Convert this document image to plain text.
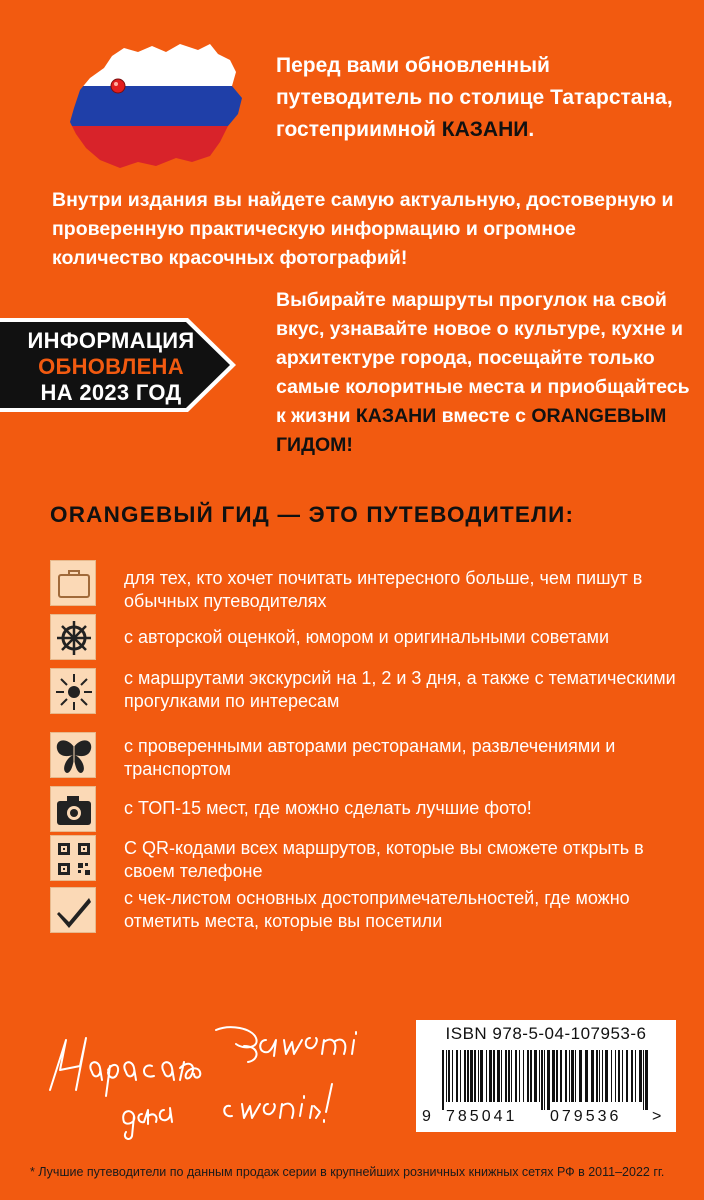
Перед вами обновленный путеводитель по столице Татарстана, гостеприимной КАЗАНИ.
Внутри издания вы найдете самую актуальную, достоверную и проверенную практическую информацию и огромное количество красочных фотографий!
ИНФОРМАЦИЯ
ОБНОВЛЕНА
НА 2023 ГОД
Выбирайте маршруты прогулок на свой вкус, узнавайте новое о культуре, кухне и архитектуре города, посещайте только самые колоритные места и приобщайтесь к жизни КАЗАНИ вместе с ORANGEВЫМ ГИДОМ!
ORANGEВЫЙ ГИД — ЭТО ПУТЕВОДИТЕЛИ:
для тех, кто хочет почитать интересного больше, чем пишут в обычных путеводителях
с авторской оценкой, юмором и оригинальными советами
с маршрутами экскурсий на 1, 2 и 3 дня, а также с тематическими прогулками по интересам
с проверенными авторами ресторанами, развлечениями и транспортом
с ТОП-15 мест, где можно сделать лучшие фото!
С QR-кодами всех маршрутов, которые вы сможете открыть в своем телефоне
с чек-листом основных достопримечательностей, где можно отметить места, которые вы посетили
ISBN 978-5-04-107953-6
9 785041 079536 >
* Лучшие путеводители по данным продаж серии в крупнейших розничных книжных сетях РФ в 2011–2022 гг.
